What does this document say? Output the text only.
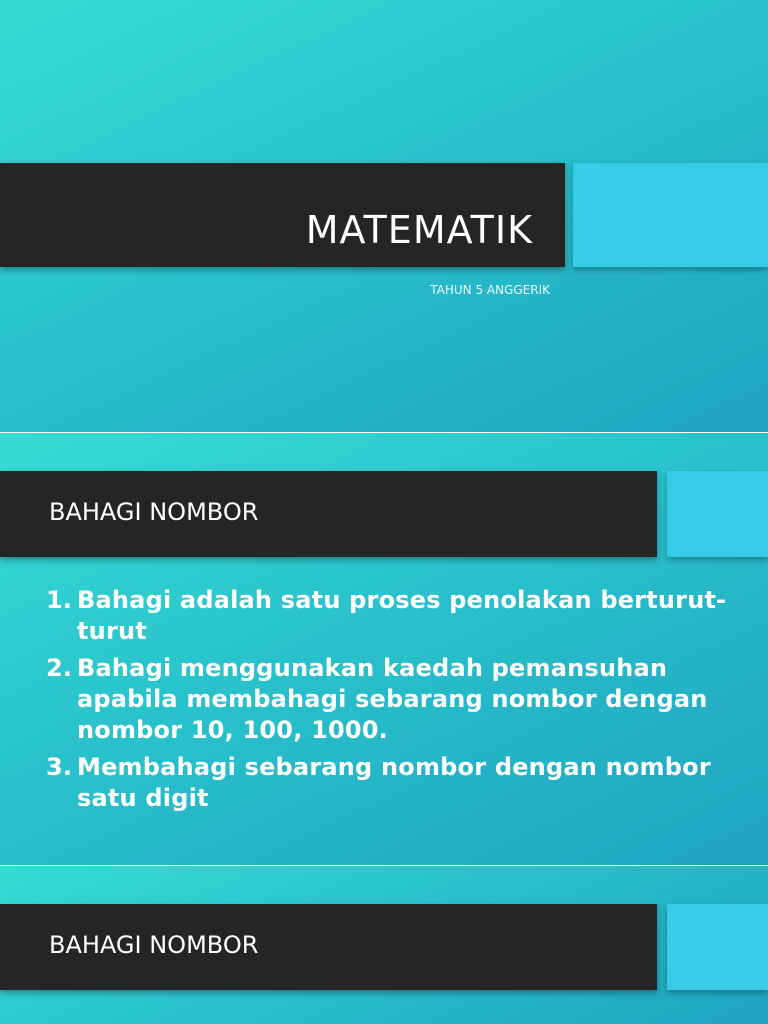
MATEMATIK
TAHUN 5 ANGGERIK
BAHAGI NOMBOR
1. Bahagi adalah satu proses penolakan berturut-turut
2. Bahagi menggunakan kaedah pemansuhan apabila membahagi sebarang nombor dengan nombor 10, 100, 1000.
3. Membahagi sebarang nombor dengan nombor satu digit
BAHAGI NOMBOR
